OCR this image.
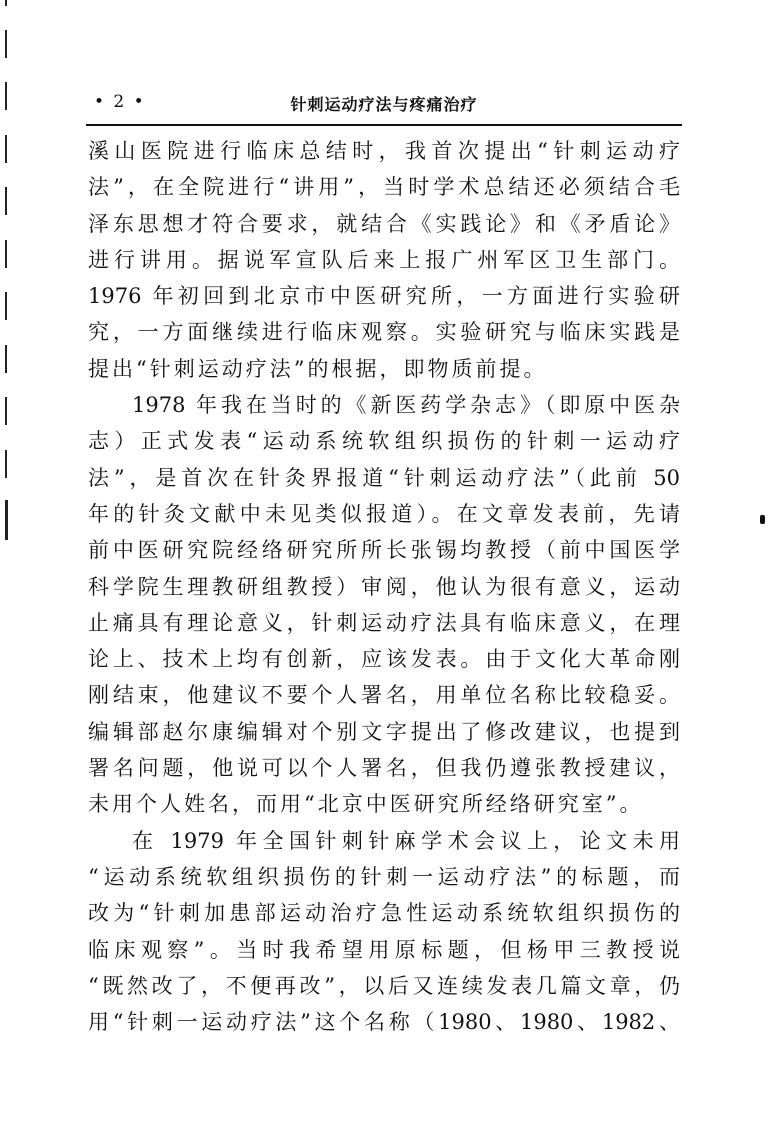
• 2 •	针刺运动疗法与疼痛治疗
溪山医院进行临床总结时，我首次提出“针刺运动疗
法”，在全院进行“讲用”，当时学术总结还必须结合毛
泽东思想才符合要求，就结合《实践论》和《矛盾论》
进行讲用。据说军宣队后来上报广州军区卫生部门。
1976 年初回到北京市中医研究所，一方面进行实验研
究，一方面继续进行临床观察。实验研究与临床实践是
提出“针刺运动疗法”的根据，即物质前提。
1978 年我在当时的《新医药学杂志》（即原中医杂
志）正式发表“运动系统软组织损伤的针刺一运动疗
法”，是首次在针灸界报道“针刺运动疗法”（此前 50
年的针灸文献中未见类似报道）。在文章发表前，先请
前中医研究院经络研究所所长张锡均教授（前中国医学
科学院生理教研组教授）审阅，他认为很有意义，运动
止痛具有理论意义，针刺运动疗法具有临床意义，在理
论上、技术上均有创新，应该发表。由于文化大革命刚
刚结束，他建议不要个人署名，用单位名称比较稳妥。
编辑部赵尔康编辑对个别文字提出了修改建议，也提到
署名问题，他说可以个人署名，但我仍遵张教授建议，
未用个人姓名，而用“北京中医研究所经络研究室”。
在 1979 年全国针刺针麻学术会议上，论文未用
“运动系统软组织损伤的针刺一运动疗法”的标题，而
改为“针刺加患部运动治疗急性运动系统软组织损伤的
临床观察”。当时我希望用原标题，但杨甲三教授说
“既然改了，不便再改”，以后又连续发表几篇文章，仍
用“针刺一运动疗法”这个名称（1980、1980、1982、
